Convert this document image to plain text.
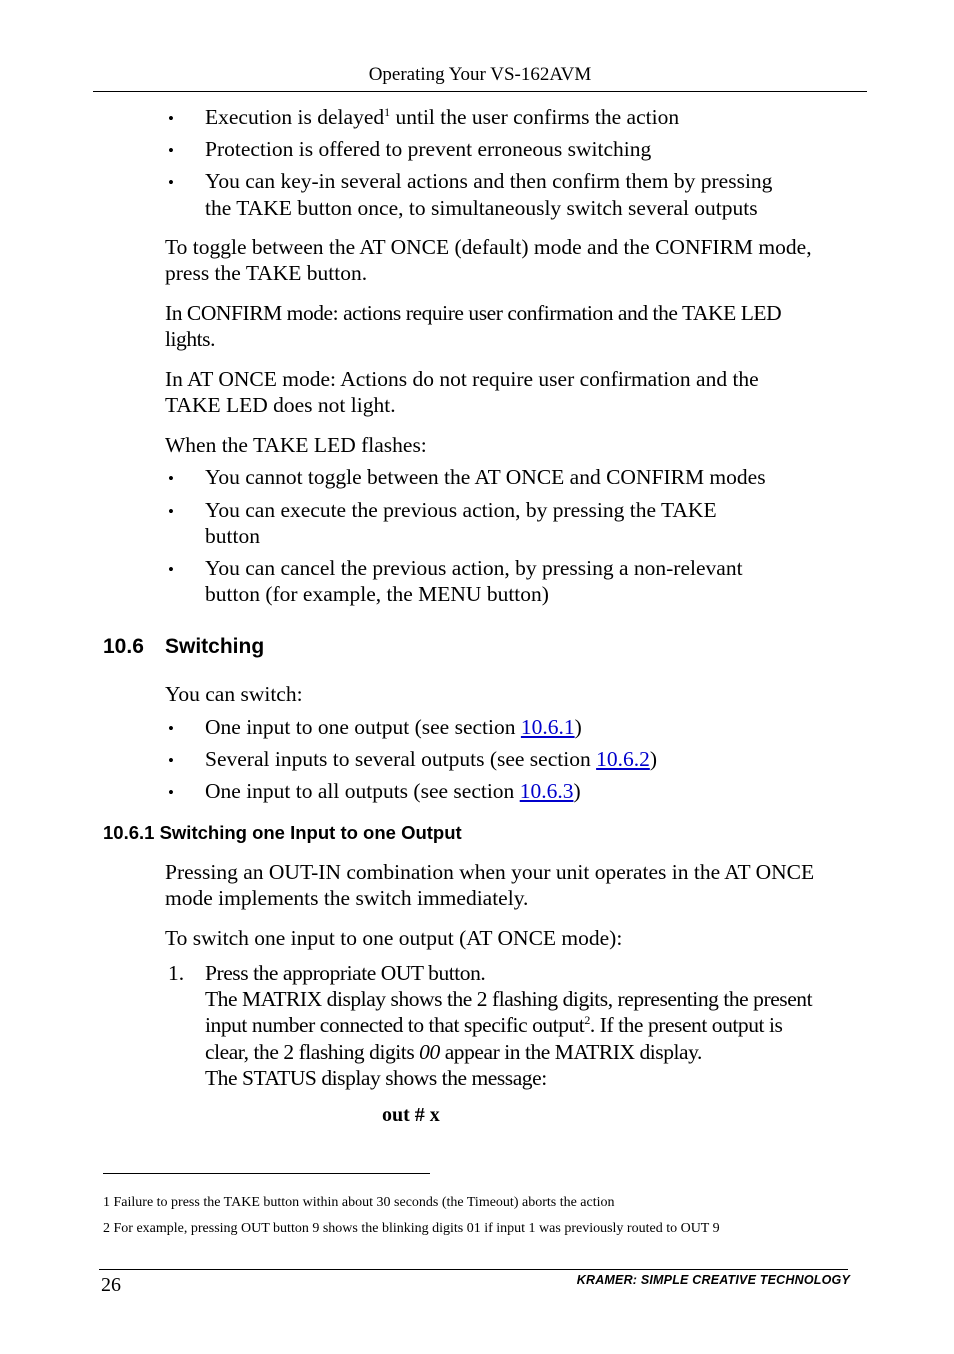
Operating Your VS-162AVM
• Execution is delayed$^1$ until the user confirms the action
• Protection is offered to prevent erroneous switching
• You can key-in several actions and then confirm them by pressing
the TAKE button once, to simultaneously switch several outputs
To toggle between the AT ONCE (default) mode and the CONFIRM mode,
press the TAKE button.
In CONFIRM mode: actions require user confirmation and the TAKE LED
lights.
In AT ONCE mode: Actions do not require user confirmation and the
TAKE LED does not light.
When the TAKE LED flashes:
• You cannot toggle between the AT ONCE and CONFIRM modes
• You can execute the previous action, by pressing the TAKE
button
• You can cancel the previous action, by pressing a non-relevant
button (for example, the MENU button)
10.6 Switching
You can switch:
• One input to one output (see section 10.6.1)
• Several inputs to several outputs (see section 10.6.2)
• One input to all outputs (see section 10.6.3)
10.6.1 Switching one Input to one Output
Pressing an OUT-IN combination when your unit operates in the AT ONCE
mode implements the switch immediately.
To switch one input to one output (AT ONCE mode):
1. Press the appropriate OUT button.
The MATRIX display shows the 2 flashing digits, representing the present
input number connected to that specific output$^2$. If the present output is
clear, the 2 flashing digits 00 appear in the MATRIX display.
The STATUS display shows the message:
out # x
1 Failure to press the TAKE button within about 30 seconds (the Timeout) aborts the action
2 For example, pressing OUT button 9 shows the blinking digits 01 if input 1 was previously routed to OUT 9
26	KRAMER: SIMPLE CREATIVE TECHNOLOGY
